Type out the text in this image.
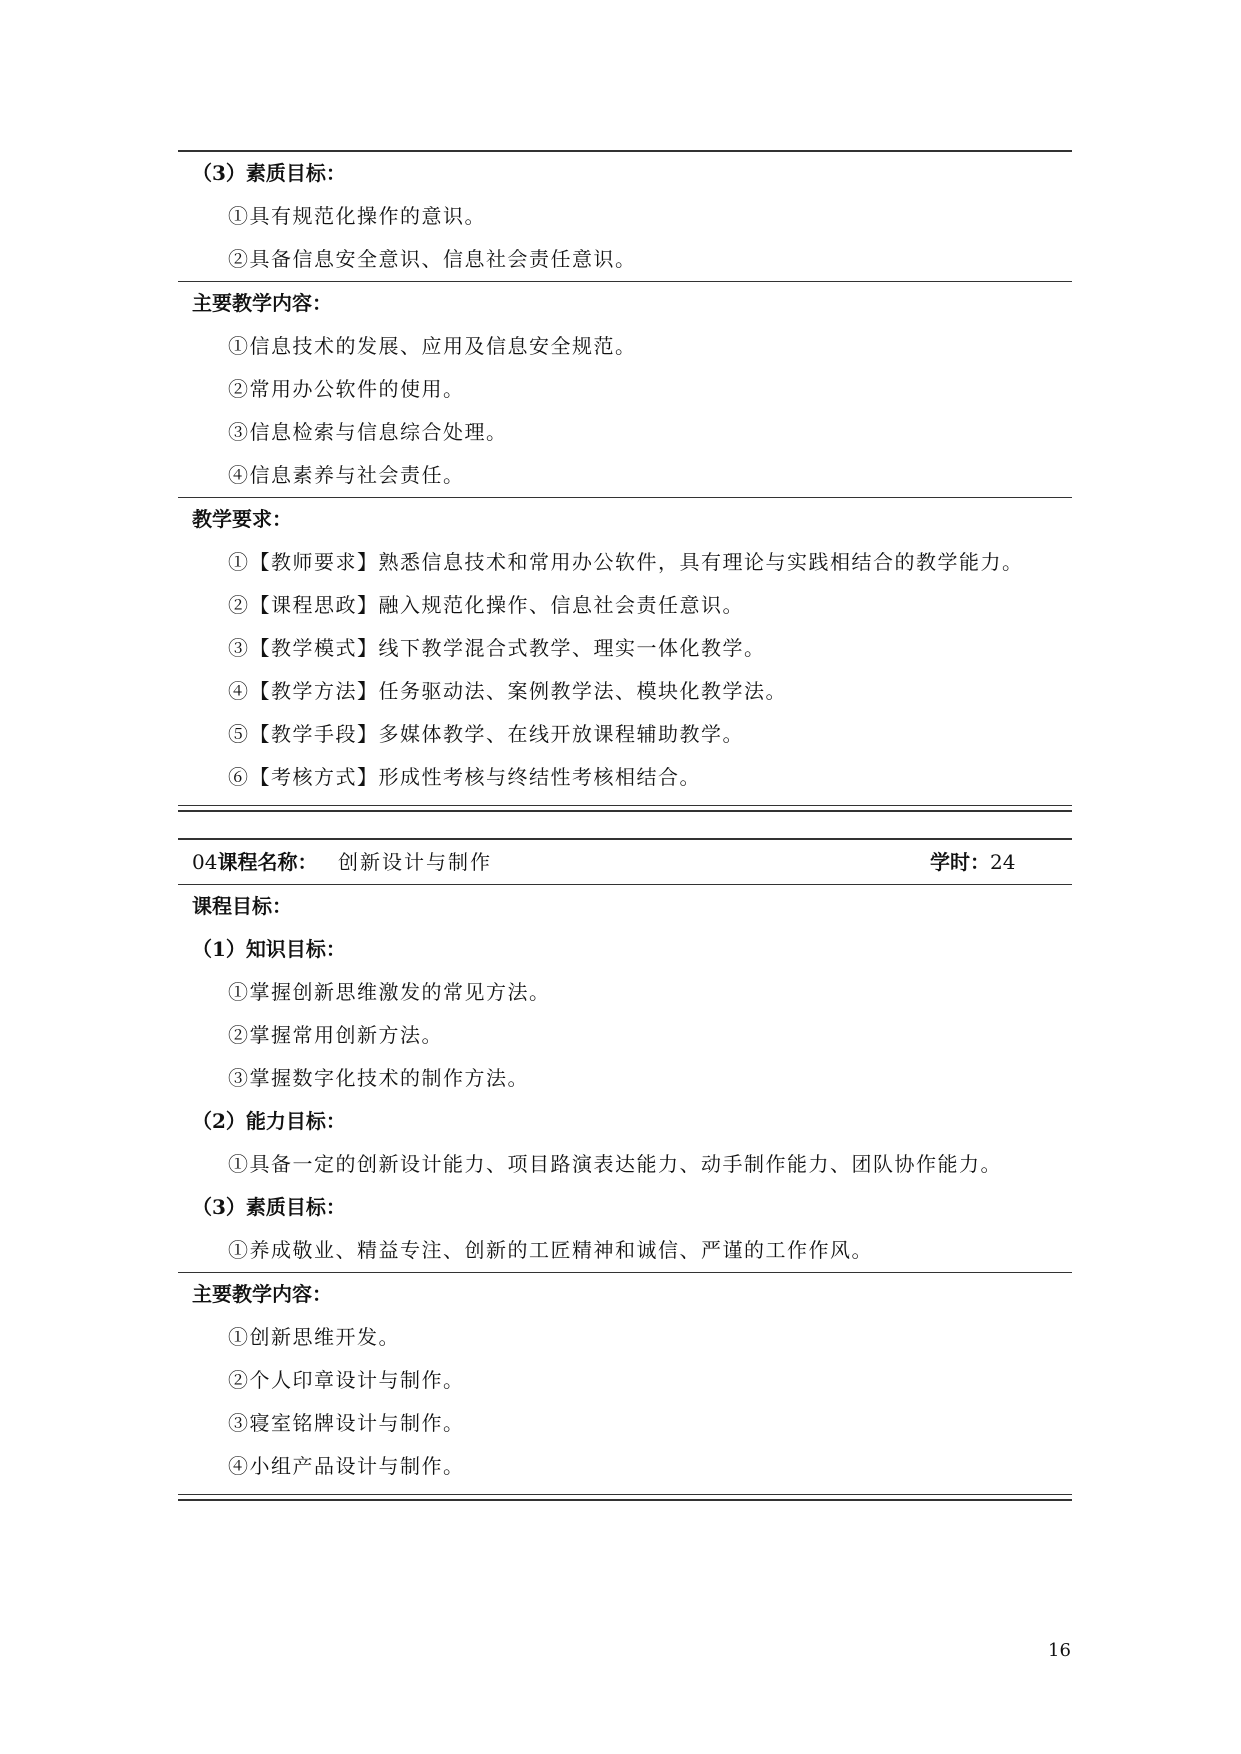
（3）素质目标：
①具有规范化操作的意识。
②具备信息安全意识、信息社会责任意识。
主要教学内容：
①信息技术的发展、应用及信息安全规范。
②常用办公软件的使用。
③信息检索与信息综合处理。
④信息素养与社会责任。
教学要求：
①【教师要求】熟悉信息技术和常用办公软件，具有理论与实践相结合的教学能力。
②【课程思政】融入规范化操作、信息社会责任意识。
③【教学模式】线下教学混合式教学、理实一体化教学。
④【教学方法】任务驱动法、案例教学法、模块化教学法。
⑤【教学手段】多媒体教学、在线开放课程辅助教学。
⑥【考核方式】形成性考核与终结性考核相结合。
04课程名称： 创新设计与制作	学时：24
课程目标：
（1）知识目标：
①掌握创新思维激发的常见方法。
②掌握常用创新方法。
③掌握数字化技术的制作方法。
（2）能力目标：
①具备一定的创新设计能力、项目路演表达能力、动手制作能力、团队协作能力。
（3）素质目标：
①养成敬业、精益专注、创新的工匠精神和诚信、严谨的工作作风。
主要教学内容：
①创新思维开发。
②个人印章设计与制作。
③寝室铭牌设计与制作。
④小组产品设计与制作。
16
